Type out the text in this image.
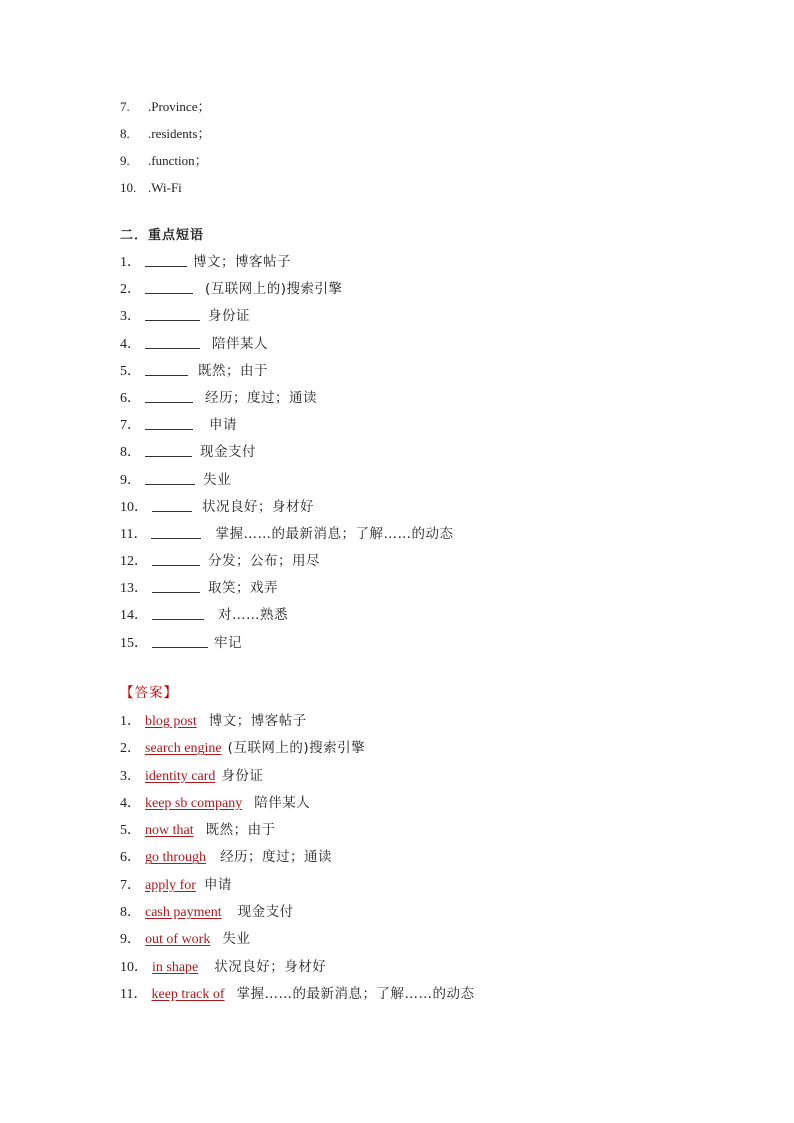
7. .Province；
8. .residents；
9. .function；
10. .Wi-Fi
二．重点短语
1．	博文；博客帖子
2．	(互联网上的)搜索引擎
3．	身份证
4．	陪伴某人
5．	既然；由于
6．	经历；度过；通读
7．	申请
8．	现金支付
9．	失业
10．	状况良好；身材好
11．	掌握……的最新消息；了解……的动态
12．	分发；公布；用尽
13．	取笑；戏弄
14．	对……熟悉
15．	牢记
【答案】
1． blog post 博文；博客帖子
2． search engine (互联网上的)搜索引擎
3． identity card 身份证
4． keep sb company 陪伴某人
5． now that 既然；由于
6． go through 经历；度过；通读
7． apply for 申请
8． cash payment 现金支付
9． out of work 失业
10． in shape 状况良好；身材好
11． keep track of 掌握……的最新消息；了解……的动态
